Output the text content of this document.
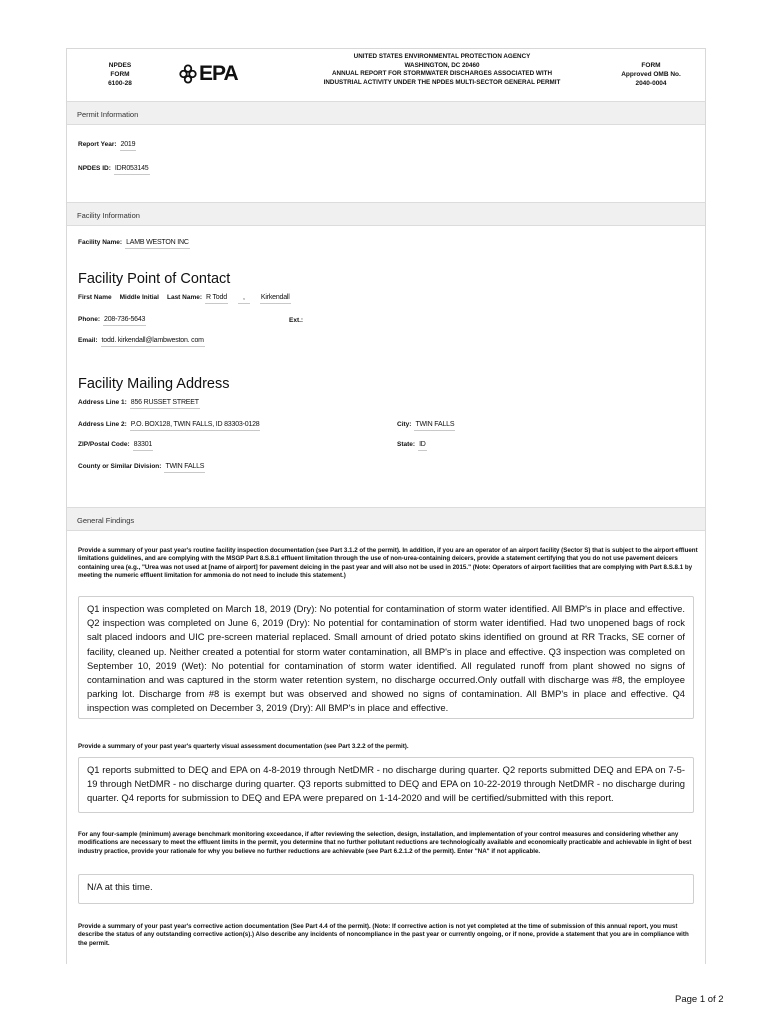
NPDES
FORM
6100-28	EPA
UNITED STATES ENVIRONMENTAL PROTECTION AGENCY
WASHINGTON, DC 20460
ANNUAL REPORT FOR STORMWATER DISCHARGES ASSOCIATED WITH
INDUSTRIAL ACTIVITY UNDER THE NPDES MULTI-SECTOR GENERAL PERMIT
FORM
Approved OMB No.
2040-0004
Permit Information
Report Year: 2019
NPDES ID: IDR053145
Facility Information
Facility Name: LAMB WESTON INC
Facility Point of Contact
First Name Middle Initial Last Name: R Todd	,	Kirkendall
Phone: 208-736-5643	Ext.:
Email: todd. kirkendall@lambweston. com
Facility Mailing Address
Address Line 1: 856 RUSSET STREET
Address Line 2: P.O. BOX128, TWIN FALLS, ID 83303-0128	City: TWIN FALLS
ZIP/Postal Code: 83301	State: ID
County or Similar Division: TWIN FALLS
General Findings
Provide a summary of your past year's routine facility inspection documentation (see Part 3.1.2 of the permit). In addition, if you are an operator of an airport facility (Sector S) that is subject to the airport effluent limitations guidelines, and are complying with the MSGP Part 8.S.8.1 effluent limitation through the use of non-urea-containing deicers, provide a statement certifying that you do not use pavement deicers containing urea (e.g., "Urea was not used at [name of airport] for pavement deicing in the past year and will also not be used in 2015." (Note: Operators of airport facilities that are complying with Part 8.S.8.1 by meeting the numeric effluent limitation for ammonia do not need to include this statement.)
Q1 inspection was completed on March 18, 2019 (Dry): No potential for contamination of storm water identified. All BMP's in place and effective. Q2 inspection was completed on June 6, 2019 (Dry): No potential for contamination of storm water identified. Had two unopened bags of rock salt placed indoors and UIC pre-screen material replaced. Small amount of dried potato skins identified on ground at RR Tracks, SE corner of facility, cleaned up. Neither created a potential for storm water contamination, all BMP's in place and effective. Q3 inspection was completed on September 10, 2019 (Wet): No potential for contamination of storm water identified. All regulated runoff from plant showed no signs of contamination and was captured in the storm water retention system, no discharge occurred.Only outfall with discharge was #8, the employee parking lot. Discharge from #8 is exempt but was observed and showed no signs of contamination. All BMP's in place and effective. Q4 inspection was completed on December 3, 2019 (Dry): All BMP's in place and effective.
Provide a summary of your past year's quarterly visual assessment documentation (see Part 3.2.2 of the permit).
Q1 reports submitted to DEQ and EPA on 4-8-2019 through NetDMR - no discharge during quarter. Q2 reports submitted DEQ and EPA on 7-5-19 through NetDMR - no discharge during quarter. Q3 reports submitted to DEQ and EPA on 10-22-2019 through NetDMR - no discharge during quarter. Q4 reports for submission to DEQ and EPA were prepared on 1-14-2020 and will be certified/submitted with this report.
For any four-sample (minimum) average benchmark monitoring exceedance, if after reviewing the selection, design, installation, and implementation of your control measures and considering whether any modifications are necessary to meet the effluent limits in the permit, you determine that no further pollutant reductions are technologically available and economically practicable and achievable in light of best industry practice, provide your rationale for why you believe no further reductions are achievable (see Part 6.2.1.2 of the permit). Enter "NA" if not applicable.
N/A at this time.
Provide a summary of your past year's corrective action documentation (See Part 4.4 of the permit). (Note: If corrective action is not yet completed at the time of submission of this annual report, you must describe the status of any outstanding corrective action(s).) Also describe any incidents of noncompliance in the past year or currently ongoing, or if none, provide a statement that you are in compliance with the permit.
Page 1 of 2
